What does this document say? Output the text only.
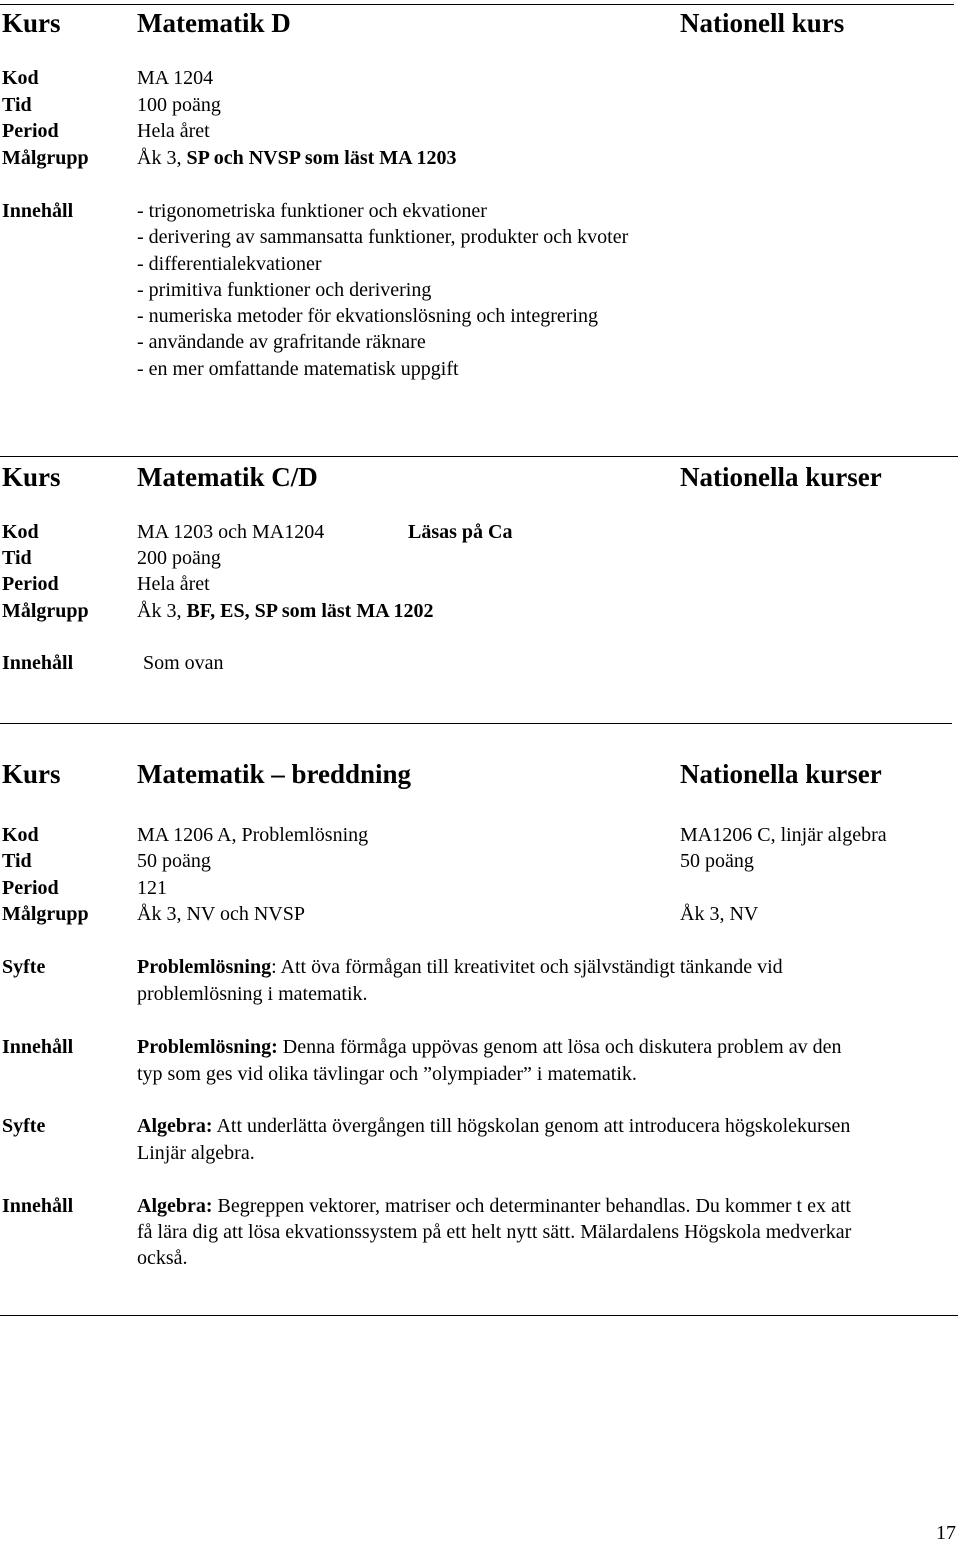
Kurs	Matematik D	Nationell kurs
Kod	MA 1204
Tid	100 poäng
Period	Hela året
Målgrupp Åk 3, SP och NVSP som läst MA 1203
Innehåll	- trigonometriska funktioner och ekvationer
- derivering av sammansatta funktioner, produkter och kvoter
- differentialekvationer
- primitiva funktioner och derivering
- numeriska metoder för ekvationslösning och integrering
- användande av grafritande räknare
- en mer omfattande matematisk uppgift
Kurs	Matematik C/D	Nationella kurser
Kod	MA 1203 och MA1204	Läsas på Ca
Tid	200 poäng
Period	Hela året
Målgrupp Åk 3, BF, ES, SP som läst MA 1202
Innehåll	Som ovan
Kurs	Matematik – breddning	Nationella kurser
Kod	MA 1206 A, Problemlösning	MA1206 C, linjär algebra
Tid	50 poäng	50 poäng
Period	121
Målgrupp Åk 3, NV och NVSP	Åk 3, NV
Syfte	Problemlösning: Att öva förmågan till kreativitet och självständigt tänkande vid
problemlösning i matematik.
Innehåll	Problemlösning: Denna förmåga uppövas genom att lösa och diskutera problem av den
typ som ges vid olika tävlingar och ”olympiader” i matematik.
Syfte	Algebra: Att underlätta övergången till högskolan genom att introducera högskolekursen
Linjär algebra.
Innehåll	Algebra: Begreppen vektorer, matriser och determinanter behandlas. Du kommer t ex att
få lära dig att lösa ekvationssystem på ett helt nytt sätt. Mälardalens Högskola medverkar
också.
17
